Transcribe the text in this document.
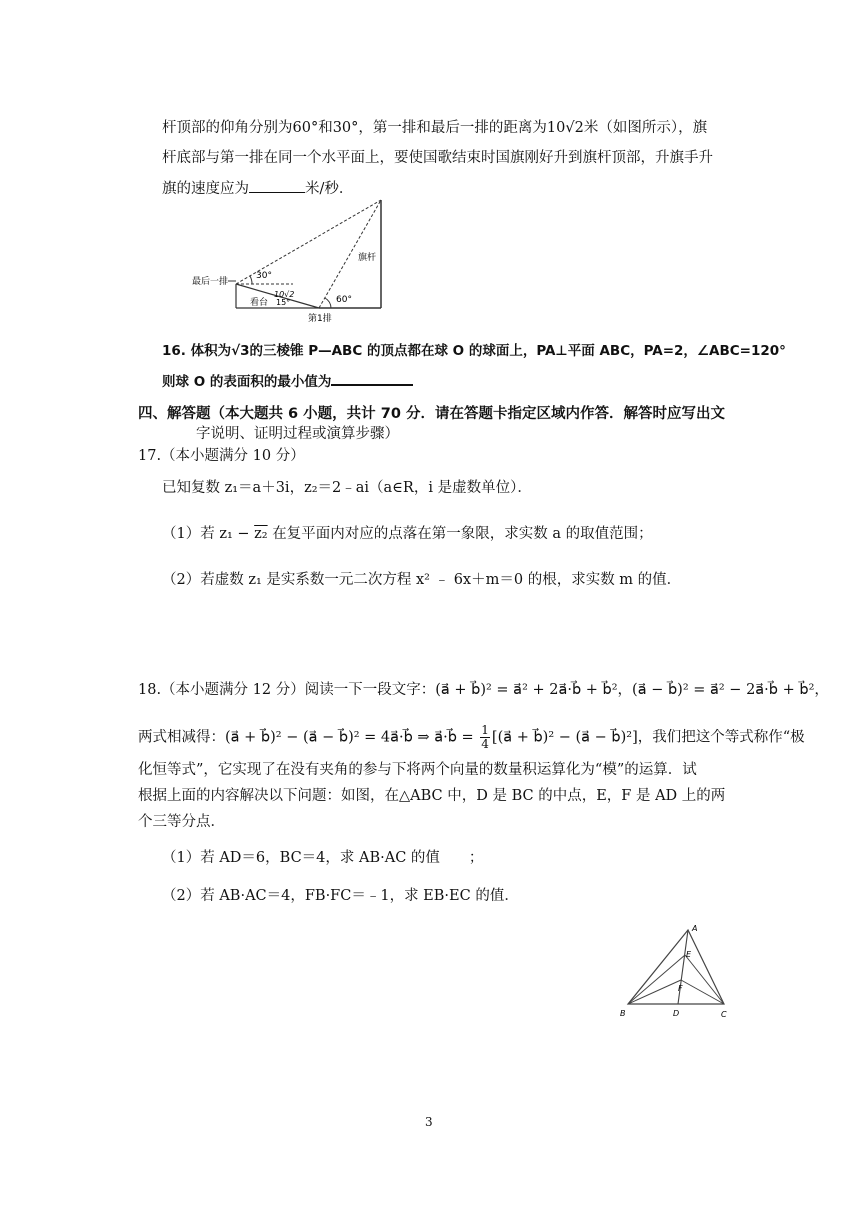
杆顶部的仰角分别为60°和30°，第一排和最后一排的距离为10√2米（如图所示），旗
杆底部与第一排在同一个水平面上，要使国歌结束时国旗刚好升到旗杆顶部，升旗手升
旗的速度应为	米/秒．
30°
10√2
15°
看台	60°
旗杆
最后一排
第1排
16. 体积为√3的三棱锥 P—ABC 的顶点都在球 O 的球面上，PA⊥平面 ABC，PA=2，∠ABC=120°
则球 O 的表面积的最小值为
四、解答题（本大题共 6 小题，共计 70 分．请在答题卡指定区域内作答．解答时应写出文
字说明、证明过程或演算步骤）
17.（本小题满分 10 分）
已知复数 z₁＝a＋3i，z₂＝2﹣ai（a∈R，i 是虚数单位）．
（1）若 z₁ − z₂ 在复平面内对应的点落在第一象限，求实数 a 的取值范围；
（2）若虚数 z₁ 是实系数一元二次方程 x² ﹣ 6x＋m＝0 的根，求实数 m 的值．
18.（本小题满分 12 分）阅读一下一段文字：(a⃗ + b⃗)² = a⃗² + 2a⃗·b⃗ + b⃗²，(a⃗ − b⃗)² = a⃗² − 2a⃗·b⃗ + b⃗²，
两式相减得：(a⃗ + b⃗)² − (a⃗ − b⃗)² = 4a⃗·b⃗ ⇒ a⃗·b⃗ = $\frac{1}{4}$ [(a⃗ + b⃗)² − (a⃗ − b⃗)²]，我们把这个等式称作“极
化恒等式”，它实现了在没有夹角的参与下将两个向量的数量积运算化为“模”的运算．试
根据上面的内容解决以下问题：如图，在△ABC 中，D 是 BC 的中点，E，F 是 AD 上的两
个三等分点．
（1）若 AD＝6，BC＝4，求 AB·AC 的值　　；
（2）若 AB·AC＝4，FB·FC＝﹣1，求 EB·EC 的值．
A
B	C
D
E
F
3
